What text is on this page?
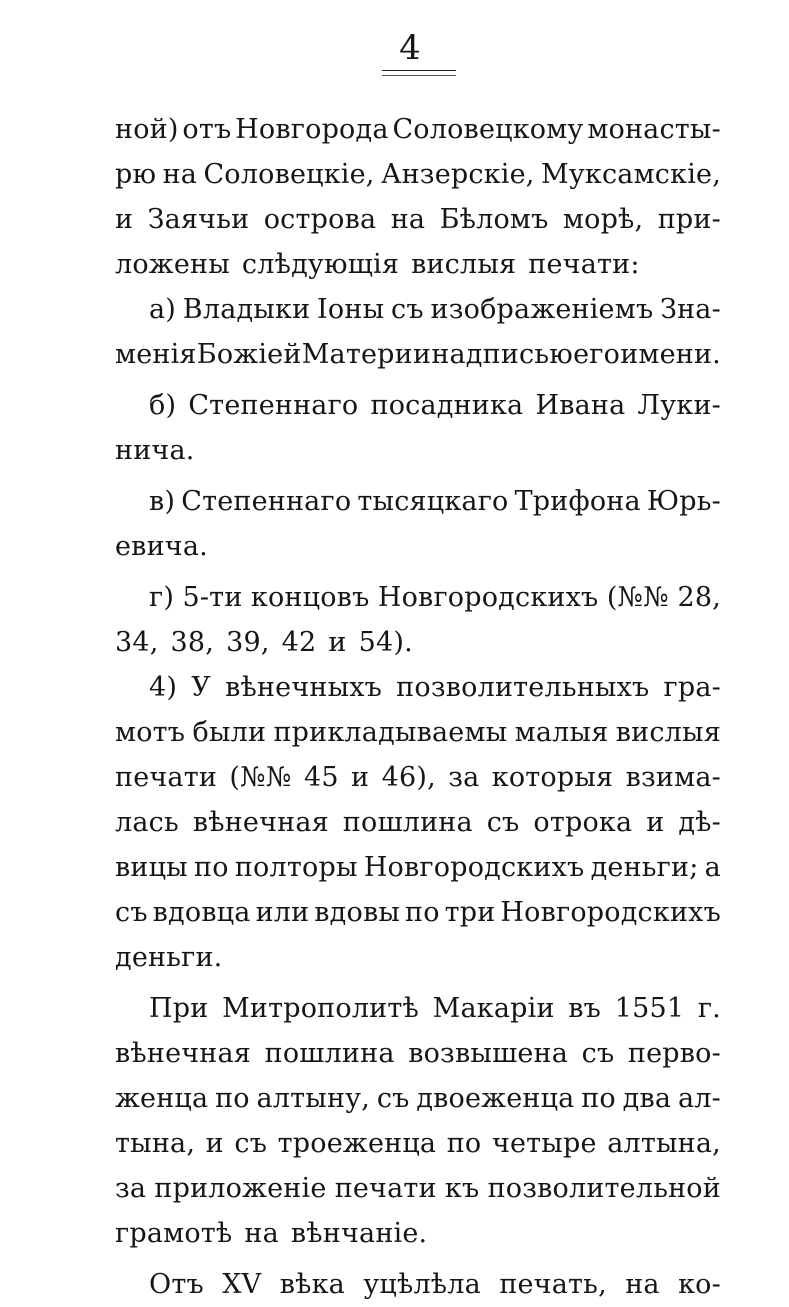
4
ной) отъ Новгорода Соловецкому монасты-
рю на Соловецкіе, Анзерскіе, Муксамскіе,
и Заячьи острова на Бѣломъ морѣ, при-
ложены слѣдующія вислыя печати:
а) Владыки Іоны съ изображеніемъ Зна-
менія Божіей Матери и надписью его имени.
б) Степеннаго посадника Ивана Луки-
нича.
в) Степеннаго тысяцкаго Трифона Юрь-
евича.
г) 5-ти концовъ Новгородскихъ (№№ 28,
34, 38, 39, 42 и 54).
4) У вѣнечныхъ позволительныхъ гра-
мотъ были прикладываемы малыя вислыя
печати (№№ 45 и 46), за которыя взима-
лась вѣнечная пошлина съ отрока и дѣ-
вицы по полторы Новгородскихъ деньги; а
съ вдовца или вдовы по три Новгородскихъ
деньги.
При Митрополитѣ Макаріи въ 1551 г.
вѣнечная пошлина возвышена съ перво-
женца по алтыну, съ двоеженца по два ал-
тына, и съ троеженца по четыре алтына,
за приложеніе печати къ позволительной
грамотѣ на вѣнчаніе.
Отъ XV вѣка уцѣлѣла печать, на ко-
